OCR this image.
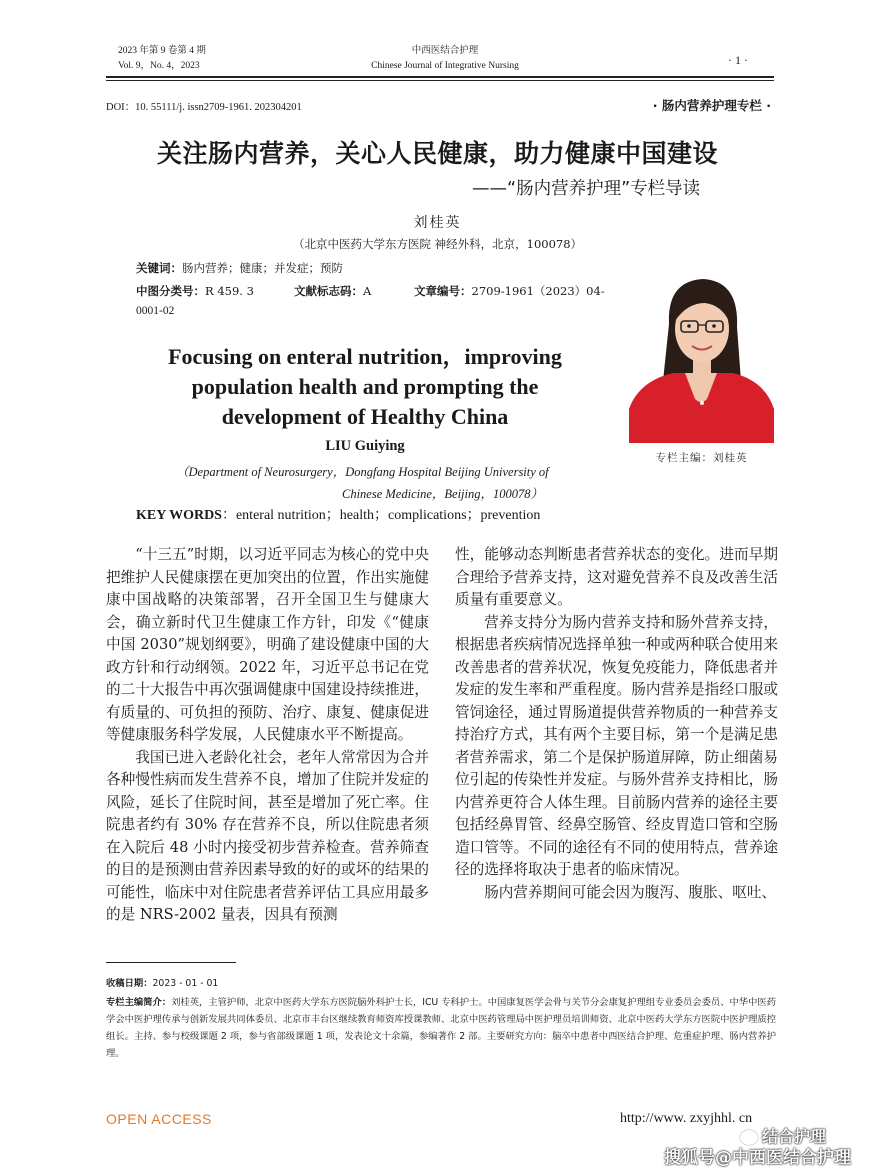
2023 年第 9 卷第 4 期
Vol. 9，No. 4，2023
中西医结合护理
Chinese Journal of Integrative Nursing	· 1 ·
DOI：10. 55111/j. issn2709-1961. 202304201	· 肠内营养护理专栏 ·
关注肠内营养，关心人民健康，助力健康中国建设
——“肠内营养护理”专栏导读
刘桂英
（北京中医药大学东方医院 神经外科，北京，100078）
关键词：肠内营养；健康；并发症；预防
中图分类号：R 459. 3	文献标志码：A	文章编号：2709-1961（2023）04-
0001-02
Focusing on enteral nutrition，improving
population health and prompting the
development of Healthy China
LIU Guiying
（Department of Neurosurgery，Dongfang Hospital Beijing University of
Chinese Medicine，Beijing，100078）
KEY WORDS：enteral nutrition；health；complications；prevention
专栏主编：刘桂英

“十三五”时期，以习近平同志为核心的党中央把维护人民健康摆在更加突出的位置，作出实施健康中国战略的决策部署，召开全国卫生与健康大会，确立新时代卫生健康工作方针，印发《“健康中国 2030”规划纲要》，明确了建设健康中国的大政方针和行动纲领。2022 年，习近平总书记在党的二十大报告中再次强调健康中国建设持续推进，有质量的、可负担的预防、治疗、康复、健康促进等健康服务科学发展，人民健康水平不断提高。

我国已进入老龄化社会，老年人常常因为合并各种慢性病而发生营养不良，增加了住院并发症的风险，延长了住院时间，甚至是增加了死亡率。住院患者约有 30% 存在营养不良，所以住院患者须在入院后 48 小时内接受初步营养检查。营养筛查的目的是预测由营养因素导致的好的或坏的结果的可能性，临床中对住院患者营养评估工具应用最多的是 NRS-2002 量表，因具有预测

性，能够动态判断患者营养状态的变化。进而早期合理给予营养支持，这对避免营养不良及改善生活质量有重要意义。

营养支持分为肠内营养支持和肠外营养支持，根据患者疾病情况选择单独一种或两种联合使用来改善患者的营养状况，恢复免疫能力，降低患者并发症的发生率和严重程度。肠内营养是指经口服或管饲途径，通过胃肠道提供营养物质的一种营养支持治疗方式，其有两个主要目标，第一个是满足患者营养需求，第二个是保护肠道屏障，防止细菌易位引起的传染性并发症。与肠外营养支持相比，肠内营养更符合人体生理。目前肠内营养的途径主要包括经鼻胃管、经鼻空肠管、经皮胃造口管和空肠造口管等。不同的途径有不同的使用特点，营养途径的选择将取决于患者的临床情况。

肠内营养期间可能会因为腹泻、腹胀、呕吐、

收稿日期：2023 - 01 - 01
专栏主编简介：刘桂英，主管护师，北京中医药大学东方医院脑外科护士长，ICU 专科护士。中国康复医学会骨与关节分会康复护理组专业委员会委员、中华中医药学会中医护理传承与创新发展共同体委员、北京市丰台区继续教育师资库授课教师、北京中医药管理局中医护理员培训师资、北京中医药大学东方医院中医护理质控组长。主持、参与校级课题 2 项，参与省部级课题 1 项，发表论文十余篇，参编著作 2 部。主要研究方向：脑卒中患者中西医结合护理、危重症护理、肠内营养护理。
OPEN ACCESS	http://www. zxyjhhl. cn
结合护理
搜狐号@中西医结合护理
